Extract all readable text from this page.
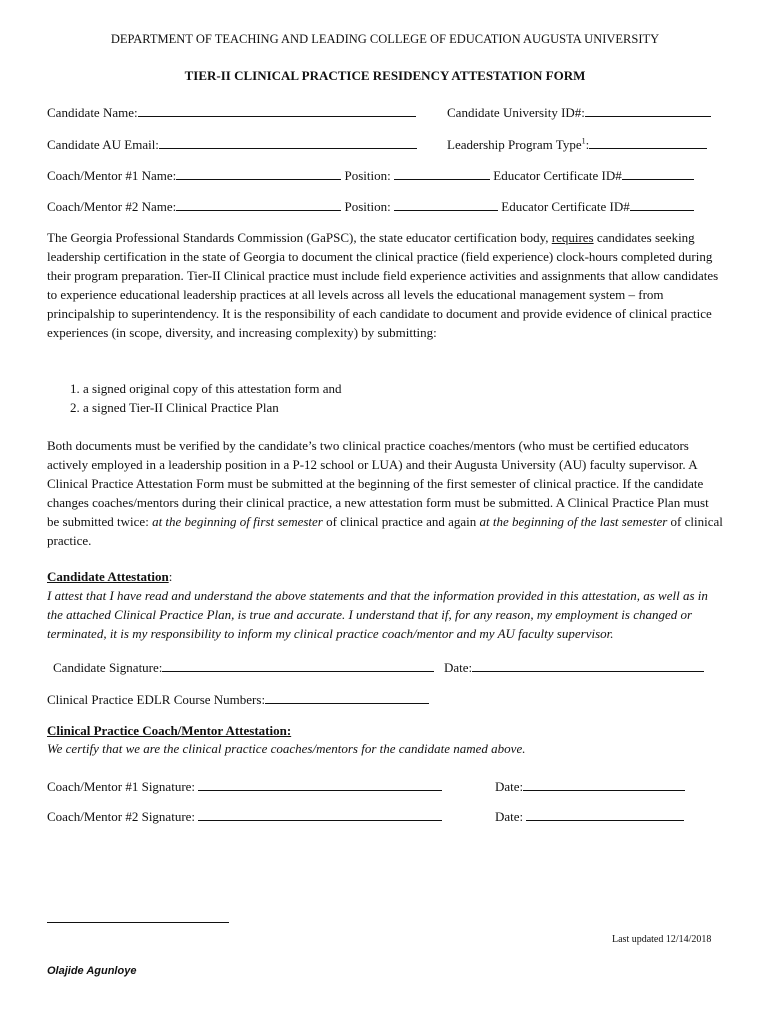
DEPARTMENT OF TEACHING AND LEADING COLLEGE OF EDUCATION AUGUSTA UNIVERSITY
TIER-II CLINICAL PRACTICE RESIDENCY ATTESTATION FORM
Candidate Name:	Candidate University ID#:
Candidate AU Email:	Leadership Program Type$^1$:
Coach/Mentor #1 Name:	Position:	Educator Certificate ID#
Coach/Mentor #2 Name:	Position:	Educator Certificate ID#
The Georgia Professional Standards Commission (GaPSC), the state educator certification body, requires candidates seeking leadership certification in the state of Georgia to document the clinical practice (field experience) clock-hours completed during their program preparation. Tier-II Clinical practice must include field experience activities and assignments that allow candidates to experience educational leadership practices at all levels across all levels the educational management system – from principalship to superintendency. It is the responsibility of each candidate to document and provide evidence of clinical practice experiences (in scope, diversity, and increasing complexity) by submitting:
1. a signed original copy of this attestation form and
2. a signed Tier-II Clinical Practice Plan
Both documents must be verified by the candidate’s two clinical practice coaches/mentors (who must be certified educators actively employed in a leadership position in a P-12 school or LUA) and their Augusta University (AU) faculty supervisor. A Clinical Practice Attestation Form must be submitted at the beginning of the first semester of clinical practice. If the candidate changes coaches/mentors during their clinical practice, a new attestation form must be submitted. A Clinical Practice Plan must be submitted twice: at the beginning of first semester of clinical practice and again at the beginning of the last semester of clinical practice.
Candidate Attestation:
I attest that I have read and understand the above statements and that the information provided in this attestation, as well as in the attached Clinical Practice Plan, is true and accurate. I understand that if, for any reason, my employment is changed or terminated, it is my responsibility to inform my clinical practice coach/mentor and my AU faculty supervisor.
Candidate Signature:	Date:
Clinical Practice EDLR Course Numbers:
Clinical Practice Coach/Mentor Attestation:
We certify that we are the clinical practice coaches/mentors for the candidate named above.
Coach/Mentor #1 Signature:	Date:
Coach/Mentor #2 Signature:	Date:
Last updated 12/14/2018
Olajide Agunloye
